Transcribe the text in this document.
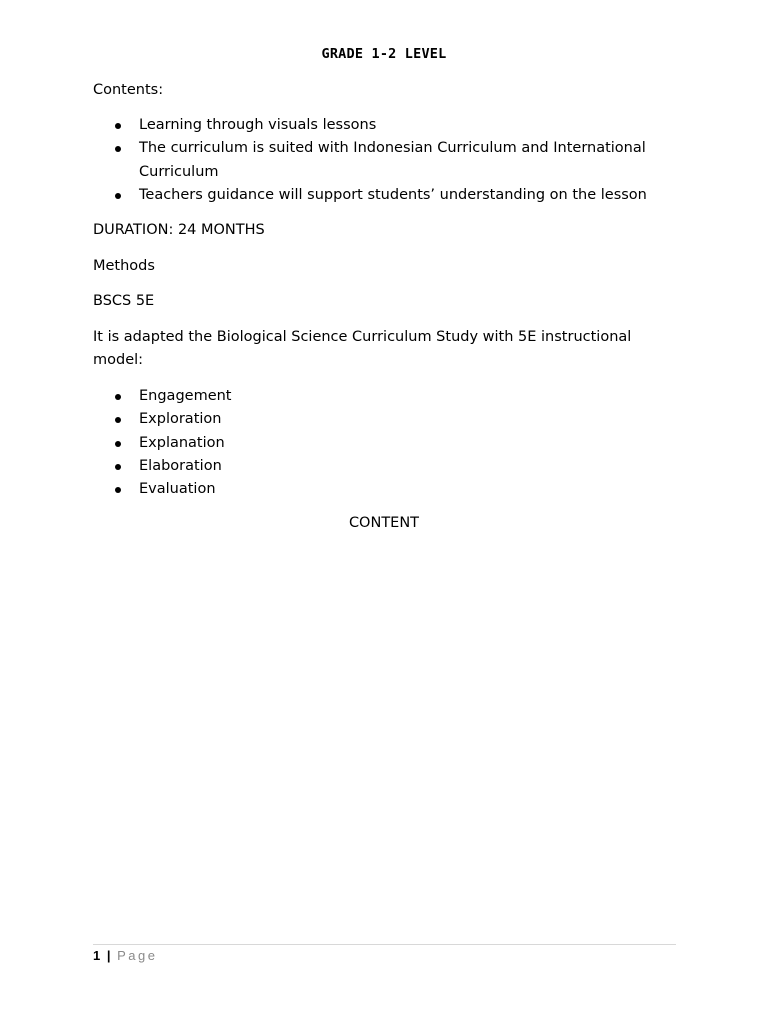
GRADE 1-2 LEVEL

Contents:

Learning through visuals lessons
The curriculum is suited with Indonesian Curriculum and International Curriculum
Teachers guidance will support students’ understanding on the lesson

DURATION: 24 MONTHS

Methods

BSCS 5E

It is adapted the Biological Science Curriculum Study with 5E instructional model:

Engagement
Exploration
Explanation
Elaboration
Evaluation
CONTENT
1 | Page
